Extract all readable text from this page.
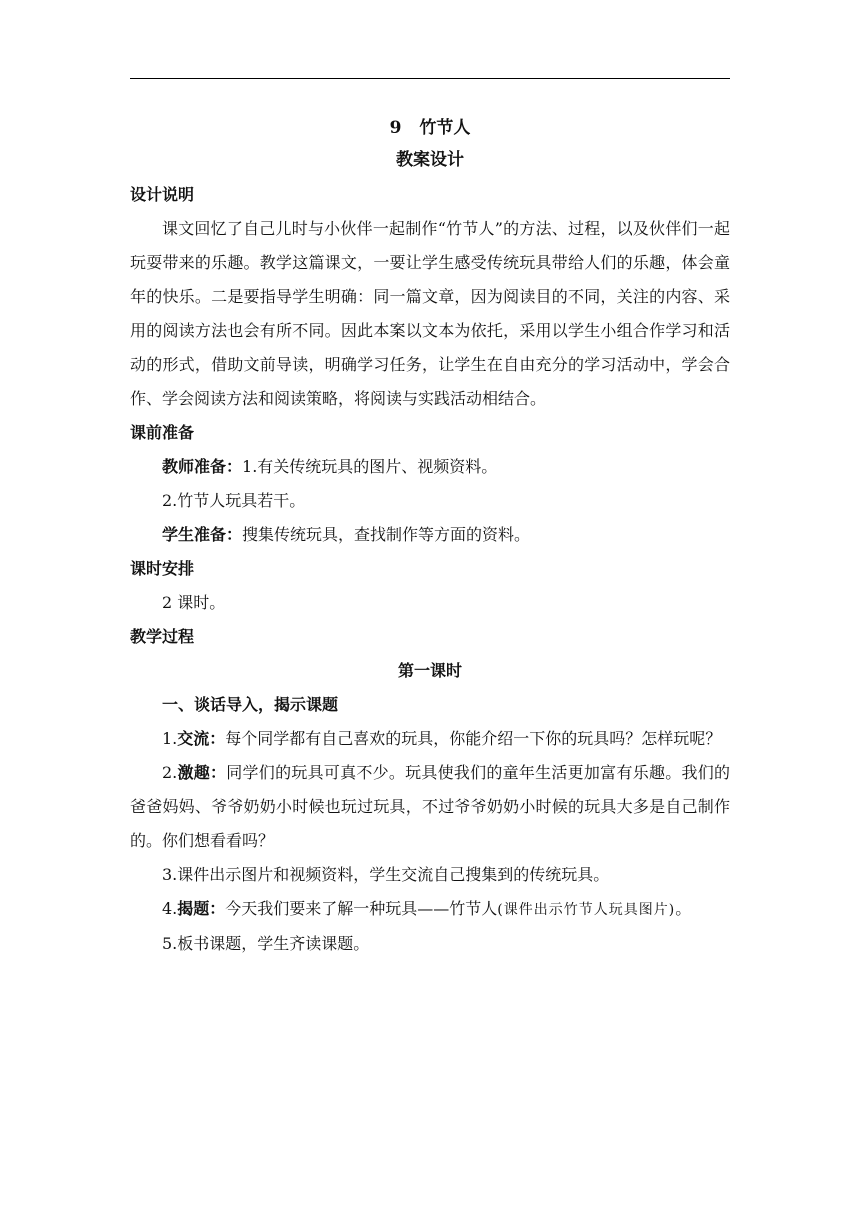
9 竹节人
教案设计
设计说明

课文回忆了自己儿时与小伙伴一起制作“竹节人”的方法、过程，以及伙伴们一起玩耍带来的乐趣。教学这篇课文，一要让学生感受传统玩具带给人们的乐趣，体会童年的快乐。二是要指导学生明确：同一篇文章，因为阅读目的不同，关注的内容、采用的阅读方法也会有所不同。因此本案以文本为依托，采用以学生小组合作学习和活动的形式，借助文前导读，明确学习任务，让学生在自由充分的学习活动中，学会合作、学会阅读方法和阅读策略，将阅读与实践活动相结合。

课前准备

教师准备：1.有关传统玩具的图片、视频资料。

2.竹节人玩具若干。

学生准备：搜集传统玩具，查找制作等方面的资料。

课时安排

2 课时。

教学过程
第一课时
一、谈话导入，揭示课题

1.交流：每个同学都有自己喜欢的玩具，你能介绍一下你的玩具吗？怎样玩呢？

2.激趣：同学们的玩具可真不少。玩具使我们的童年生活更加富有乐趣。我们的爸爸妈妈、爷爷奶奶小时候也玩过玩具，不过爷爷奶奶小时候的玩具大多是自己制作的。你们想看看吗？

3.课件出示图片和视频资料，学生交流自己搜集到的传统玩具。

4.揭题：今天我们要来了解一种玩具——竹节人(课件出示竹节人玩具图片)。

5.板书课题，学生齐读课题。
